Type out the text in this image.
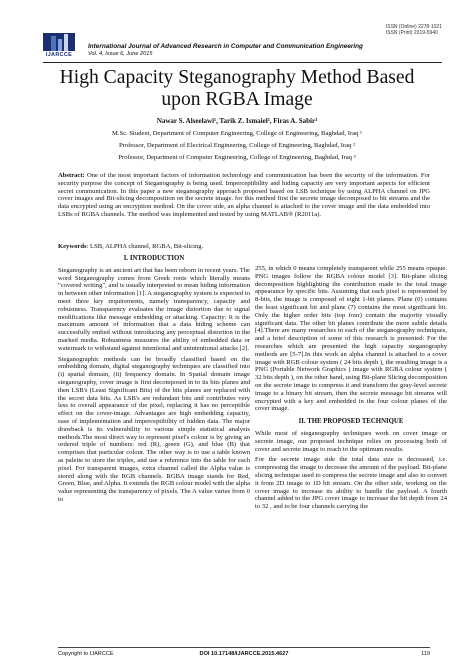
ISSN (Online) 2278-1021
ISSN (Print) 2319-5940
IJARCCE
International Journal of Advanced Research in Computer and Communication Engineering
Vol. 4, Issue 6, June 2015
High Capacity Steganography Method Based
upon RGBA Image
Nawar S. Alseelawi¹, Tarik Z. Ismaiel², Firas A. Sabir³
M.Sc. Student, Department of Computer Engineering, College of Engineering, Baghdad, Iraq ¹
Professor, Department of Electrical Engineering, College of Engineering, Baghdad, Iraq ²
Professor, Department of Computer Engineering, College of Engineering, Baghdad, Iraq ³
Abstract: One of the most important factors of information technology and communication has been the security of the information. For security purpose the concept of Steganography is being used. Imperceptibility and hiding capacity are very important aspects for efficient secret communication. In this paper a new steganography approach proposed based on LSB technique by using ALPHA channel on JPG cover images and Bit-slicing decomposition on the secrete image. for this method first the secrete image decomposed to bit streams and the data encrypted using an encryption method. On the cover side, an alpha channel is attached to the cover image and the data embedded into LSBs of RGBA channels. The method was implemented and tested by using MATLAB® (R2011a).
Keywords: LSB, ALPHA channel, RGBA, Bit-slicing.
I. INTRODUCTION

Steganography is an ancient art that has been reborn in recent years. The word Steganography comes from Greek roots which literally means "covered writing", and is usually interpreted to mean hiding information in between other information [1]. A steganography system is expected to meet three key requirements, namely transparency, capacity and robustness. Transparency evaluates the image distortion due to signal modifications like message embedding or attacking. Capacity: It is the maximum amount of information that a data hiding scheme can successfully embed without introducing any perceptual distortion in the marked media. Robustness measures the ability of embedded data or watermark to withstand against intentional and unintentional attacks [2].

Steganographic methods can be broadly classified based on the embedding domain, digital steganography techniques are classified into (i) spatial domain, (ii) frequency domain. In Spatial domain image steganography, cover image is first decomposed in to its bits planes and then LSB's (Least Significant Bits) of the bits planes are replaced with the secret data bits. As LSB's are redundant bits and contributes very less to overall appearance of the pixel, replacing it has no perceptible effect on the cover-image. Advantages are high embedding capacity, ease of implementation and imperceptibility of hidden data. The major drawback is its vulnerability to various simple statistical analysis methods.The most direct way to represent pixel's colour is by giving an ordered triple of numbers: red (R), green (G), and blue (B) that comprises that particular colour. The other way is to use a table known as palette to store the triples, and use a reference into the table for each pixel. For transparent images, extra channel called the Alpha value is stored along with the RGB channels. RGBA image stands for Red, Green, Blue, and Alpha. It extends the RGB colour model with the alpha value representing the transparency of pixels. The A value varies from 0 to

255, in which 0 means completely transparent while 255 means opaque. PNG images follow the RGBA colour model [3]. Bit-plane slicing decomposition highlighting the contribution made to the total image appearance by specific bits. Assuming that each pixel is represented by 8-bits, the image is composed of eight 1-bit planes. Plane (0) contains the least significant bit and plane (7) contains the most significant bit. Only the higher order bits (top four) contain the majority visually significant data. The other bit planes contribute the more subtle details [4].There are many researches in each of the steganography techniques, and a brief description of some of this research is presented: For the researches which are presented the high capacity steganography methods are [5-7].In this work an alpha channel is attached to a cover image with RGB colour system ( 24 bits depth ), the resulting image is a PNG (Portable Network Graphics ) image with RGBA colour system ( 32 bits depth ), on the other hand, using Bit-plane Slicing decomposition on the secrete image to compress it and transform the gray-level secrete image to a binary bit stream, then the secrete message bit streams will encrypted with a key and embedded in the four colour planes of the cover image.

II. THE PROPOSED TECHNIQUE

While most of steganography techniques work on cover image or secrete image, our proposed technique relies on processing both of cover and secrete image to reach to the optimum results.

For the secrete image side the total data size is decreased, i.e. compressing the image to decrease the amount of the payload. Bit-plane slicing technique used to compress the secrete image and also to convert it from 2D image to 1D bit stream. On the other side, working on the cover image to increase its ability to handle the payload. A fourth channel added to the JPG cover image to increase the bit depth from 24 to 32 , and to be four channels carrying the

Copyright to IJARCCE	DOI 10.17148/IJARCCE.2015.4627	119
